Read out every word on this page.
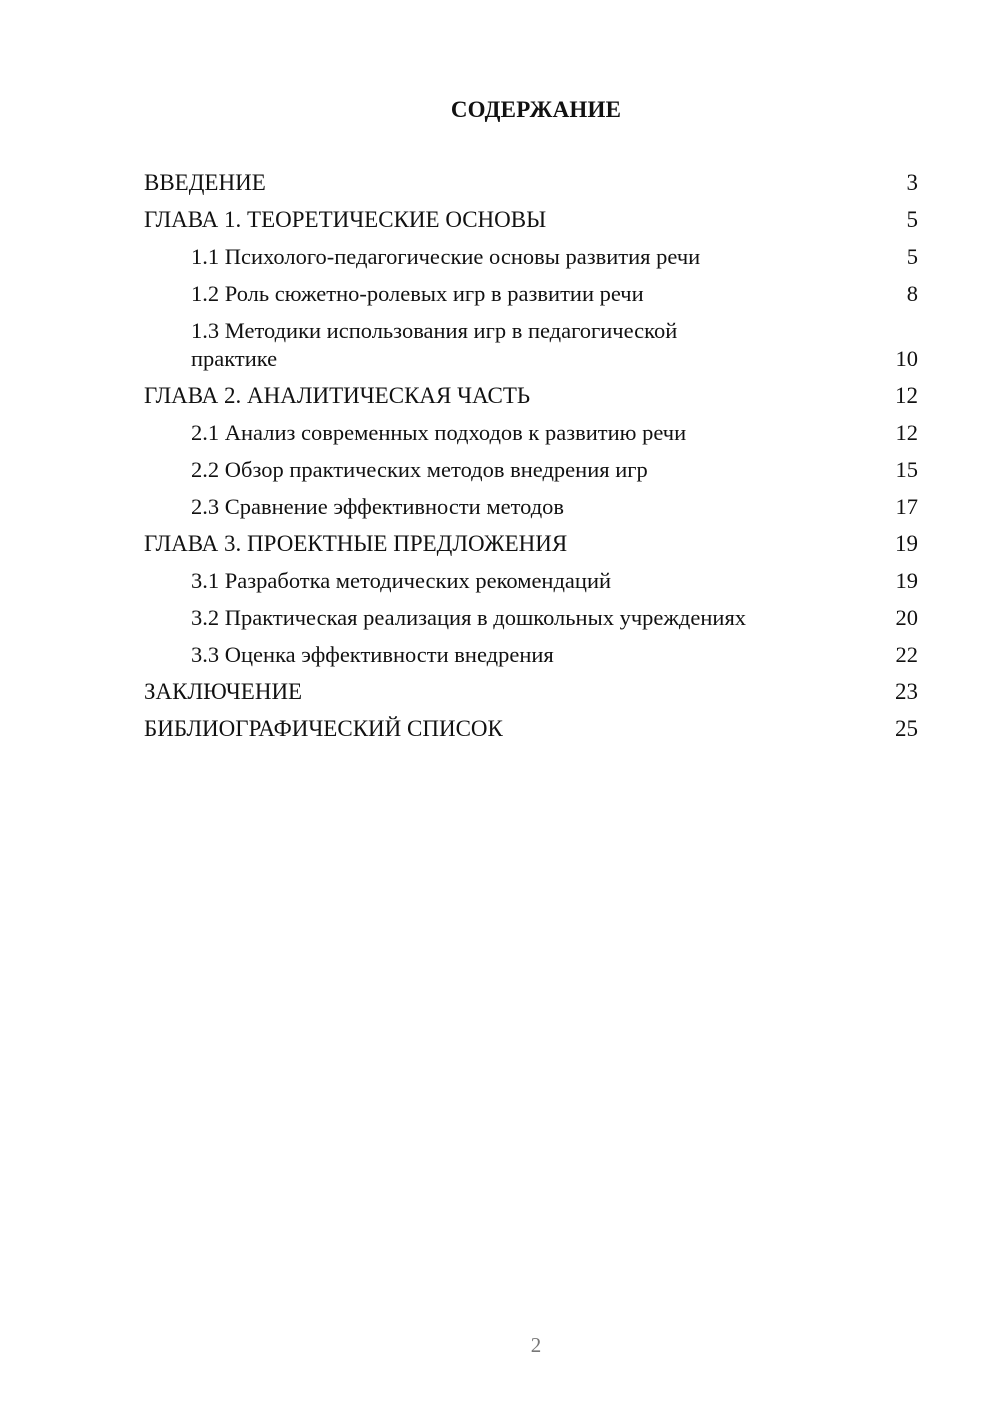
СОДЕРЖАНИЕ
ВВЕДЕНИЕ	3
ГЛАВА 1. ТЕОРЕТИЧЕСКИЕ ОСНОВЫ	5
1.1 Психолого-педагогические основы развития речи	5
1.2 Роль сюжетно-ролевых игр в развитии речи	8
1.3 Методики использования игр в педагогической практике	10
ГЛАВА 2. АНАЛИТИЧЕСКАЯ ЧАСТЬ	12
2.1 Анализ современных подходов к развитию речи	12
2.2 Обзор практических методов внедрения игр	15
2.3 Сравнение эффективности методов	17
ГЛАВА 3. ПРОЕКТНЫЕ ПРЕДЛОЖЕНИЯ	19
3.1 Разработка методических рекомендаций	19
3.2 Практическая реализация в дошкольных учреждениях	20
3.3 Оценка эффективности внедрения	22
ЗАКЛЮЧЕНИЕ	23
БИБЛИОГРАФИЧЕСКИЙ СПИСОК	25
2
